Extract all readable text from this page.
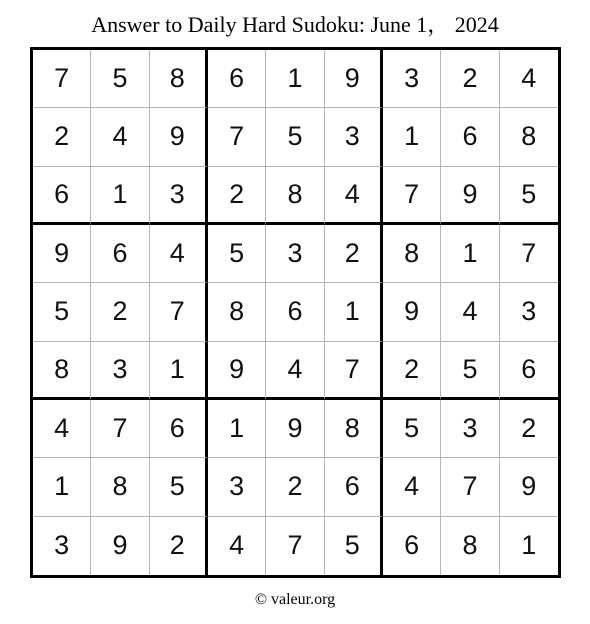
Answer to Daily Hard Sudoku: June 1， 2024
7	5	8	6	1	9	3	2	4
2	4	9	7	5	3	1	6	8
6	1	3	2	8	4	7	9	5
9	6	4	5	3	2	8	1	7
5	2	7	8	6	1	9	4	3
8	3	1	9	4	7	2	5	6
4	7	6	1	9	8	5	3	2
1	8	5	3	2	6	4	7	9
3	9	2	4	7	5	6	8	1
© valeur.org
